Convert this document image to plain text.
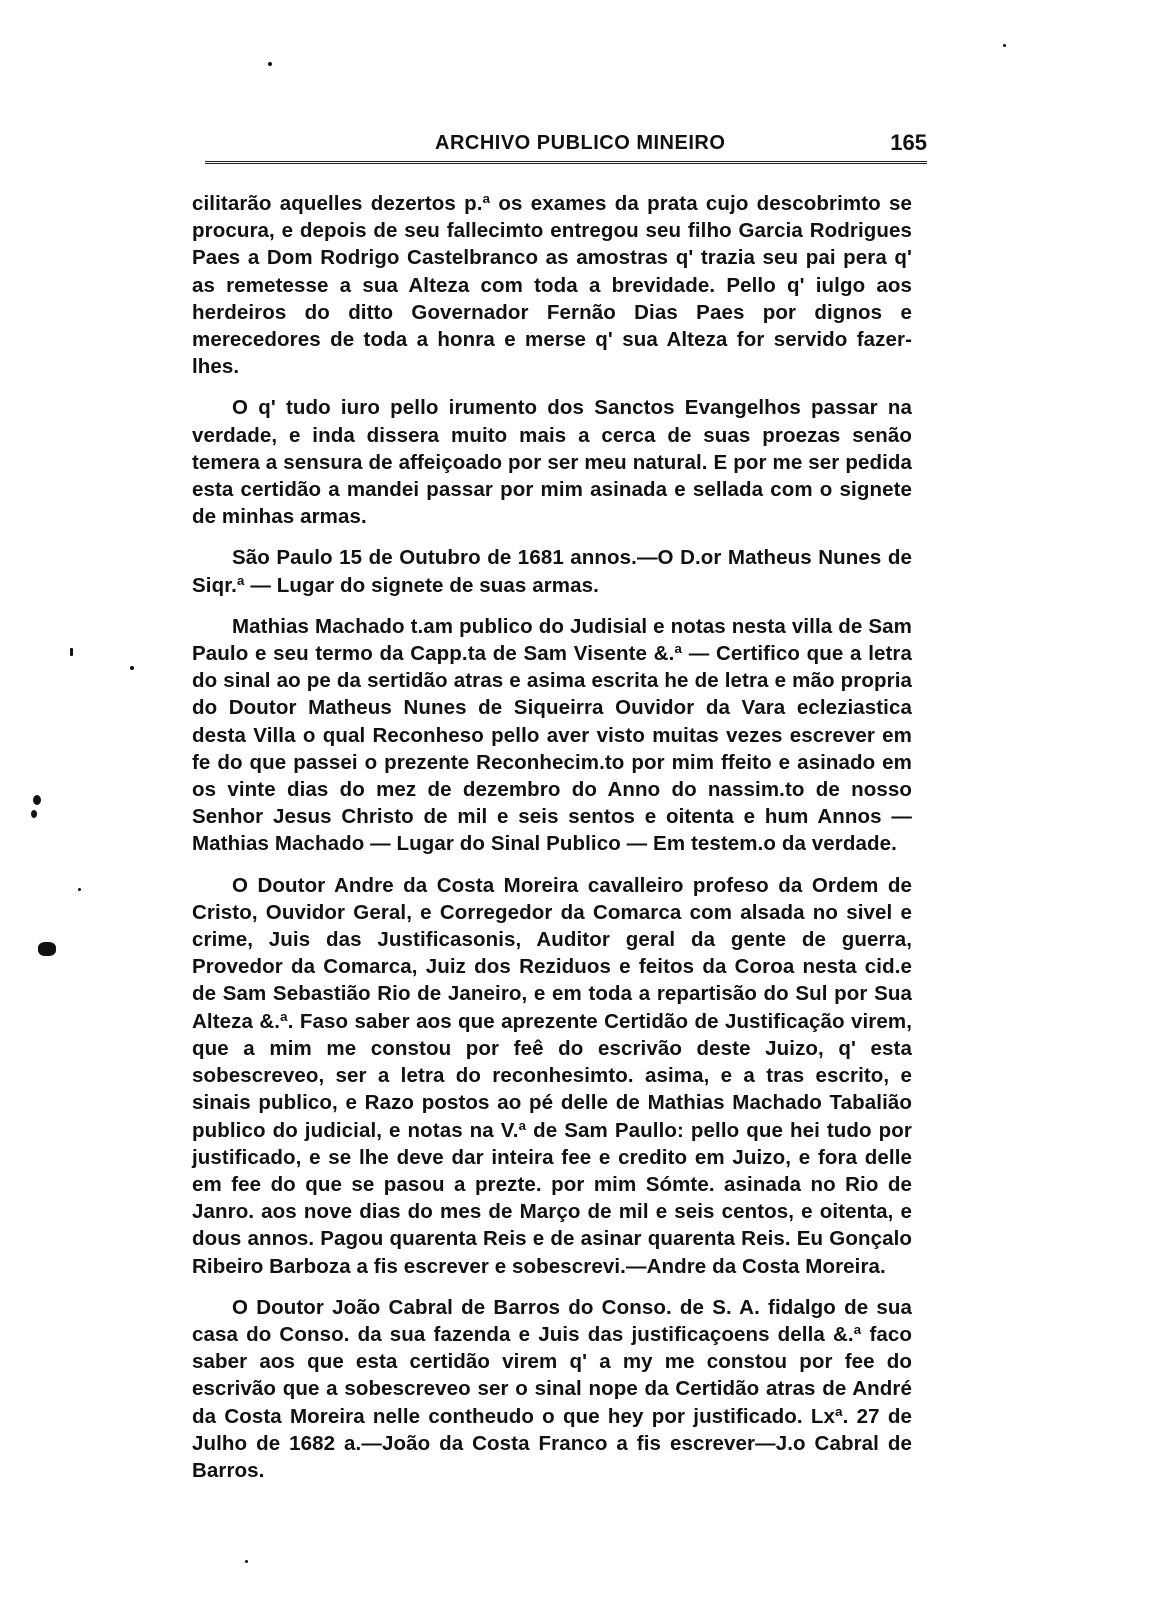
ARCHIVO PUBLICO MINEIRO	165

cilitarão aquelles dezertos p.ª os exames da prata cujo descobrimto se procura, e depois de seu fallecimto entregou seu filho Garcia Rodrigues Paes a Dom Rodrigo Castelbranco as amostras q' trazia seu pai pera q' as remetesse a sua Alteza com toda a brevidade. Pello q' iulgo aos herdeiros do ditto Governador Fernão Dias Paes por dignos e merecedores de toda a honra e merse q' sua Alteza for servido fazer-lhes.

O q' tudo iuro pello irumento dos Sanctos Evangelhos passar na verdade, e inda dissera muito mais a cerca de suas proezas senão temera a sensura de affeiçoado por ser meu natural. E por me ser pedida esta certidão a mandei passar por mim asinada e sellada com o signete de minhas armas.

São Paulo 15 de Outubro de 1681 annos.—O D.or Matheus Nunes de Siqr.ª — Lugar do signete de suas armas.

Mathias Machado t.am publico do Judisial e notas nesta villa de Sam Paulo e seu termo da Capp.ta de Sam Visente &.ª — Certifico que a letra do sinal ao pe da sertidão atras e asima escrita he de letra e mão propria do Doutor Matheus Nunes de Siqueirra Ouvidor da Vara ecleziastica desta Villa o qual Reconheso pello aver visto muitas vezes escrever em fe do que passei o prezente Reconhecim.to por mim ffeito e asinado em os vinte dias do mez de dezembro do Anno do nassim.to de nosso Senhor Jesus Christo de mil e seis sentos e oitenta e hum Annos — Mathias Machado — Lugar do Sinal Publico — Em testem.o da verdade.

O Doutor Andre da Costa Moreira cavalleiro profeso da Ordem de Cristo, Ouvidor Geral, e Corregedor da Comarca com alsada no sivel e crime, Juis das Justificasonis, Auditor geral da gente de guerra, Provedor da Comarca, Juiz dos Reziduos e feitos da Coroa nesta cid.e de Sam Sebastião Rio de Janeiro, e em toda a repartisão do Sul por Sua Alteza &.ª. Faso saber aos que aprezente Certidão de Justificação virem, que a mim me constou por feê do escrivão deste Juizo, q' esta sobescreveo, ser a letra do reconhesimto. asima, e a tras escrito, e sinais publico, e Razo postos ao pé delle de Mathias Machado Tabalião publico do judicial, e notas na V.ª de Sam Paullo: pello que hei tudo por justificado, e se lhe deve dar inteira fee e credito em Juizo, e fora delle em fee do que se pasou a prezte. por mim Sómte. asinada no Rio de Janro. aos nove dias do mes de Março de mil e seis centos, e oitenta, e dous annos. Pagou quarenta Reis e de asinar quarenta Reis. Eu Gonçalo Ribeiro Barboza a fis escrever e sobescrevi.—Andre da Costa Moreira.

O Doutor João Cabral de Barros do Conso. de S. A. fidalgo de sua casa do Conso. da sua fazenda e Juis das justificaçoens della &.ª faco saber aos que esta certidão virem q' a my me constou por fee do escrivão que a sobescreveo ser o sinal nope da Certidão atras de André da Costa Moreira nelle contheudo o que hey por justificado. Lxª. 27 de Julho de 1682 a.—João da Costa Franco a fis escrever—J.o Cabral de Barros.
